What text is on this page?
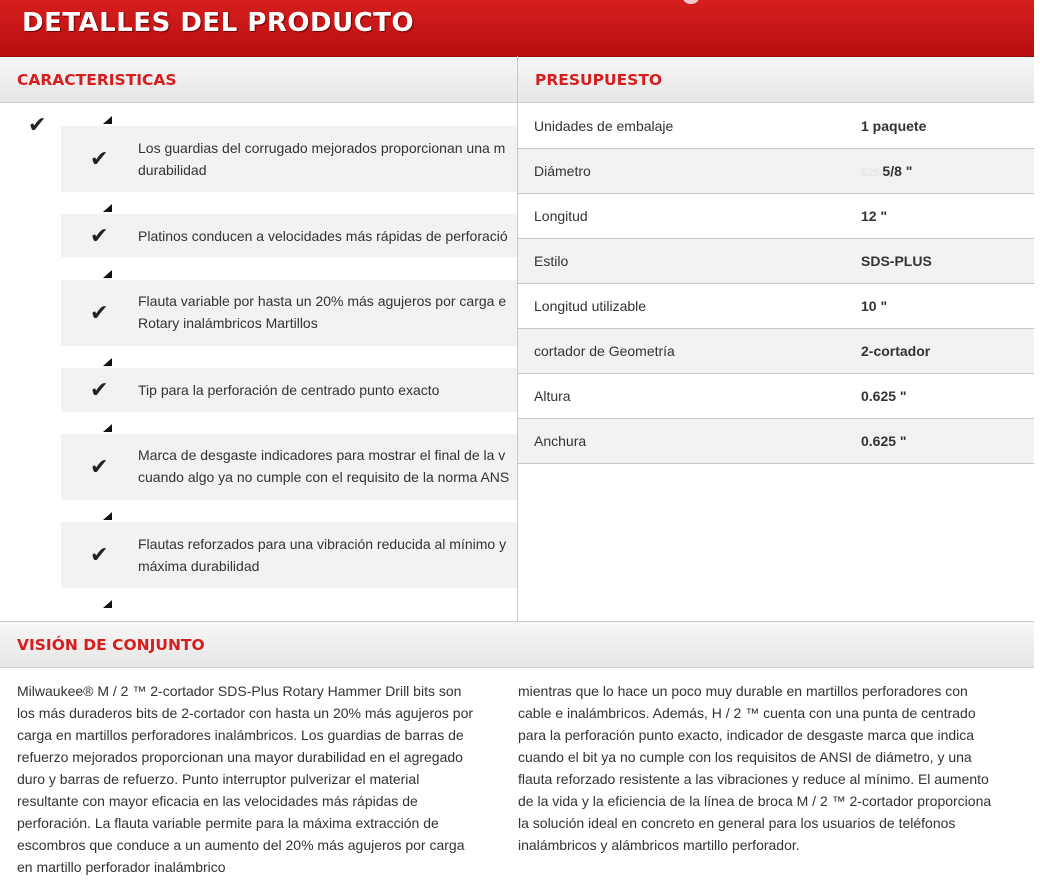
DETALLES DEL PRODUCTO
CARACTERISTICAS	PRESUPUESTO
✔
✔ Los guardias del corrugado mejorados proporcionan una m
durabilidad
✔ Platinos conducen a velocidades más rápidas de perforació
✔ Flauta variable por hasta un 20% más agujeros por carga e
Rotary inalámbricos Martillos
✔ Tip para la perforación de centrado punto exacto
✔ Marca de desgaste indicadores para mostrar el final de la v
cuando algo ya no cumple con el requisito de la norma ANS
✔ Flautas reforzados para una vibración reducida al mínimo y
máxima durabilidad
Unidades de embalaje	1 paquete
Diámetro	.625 5/8 "
Longitud	12 "
Estilo	SDS-PLUS
Longitud utilizable	10 "
cortador de Geometría	2-cortador
Altura	0.625 "
Anchura	0.625 "
VISIÓN DE CONJUNTO
Milwaukee® M / 2 ™ 2-cortador SDS-Plus Rotary Hammer Drill bits son
los más duraderos bits de 2-cortador con hasta un 20% más agujeros por
carga en martillos perforadores inalámbricos. Los guardias de barras de
refuerzo mejorados proporcionan una mayor durabilidad en el agregado
duro y barras de refuerzo. Punto interruptor pulverizar el material
resultante con mayor eficacia en las velocidades más rápidas de
perforación. La flauta variable permite para la máxima extracción de
escombros que conduce a un aumento del 20% más agujeros por carga
en martillo perforador inalámbrico
mientras que lo hace un poco muy durable en martillos perforadores con
cable e inalámbricos. Además, H / 2 ™ cuenta con una punta de centrado
para la perforación punto exacto, indicador de desgaste marca que indica
cuando el bit ya no cumple con los requisitos de ANSI de diámetro, y una
flauta reforzado resistente a las vibraciones y reduce al mínimo. El aumento
de la vida y la eficiencia de la línea de broca M / 2 ™ 2-cortador proporciona
la solución ideal en concreto en general para los usuarios de teléfonos
inalámbricos y alámbricos martillo perforador.
